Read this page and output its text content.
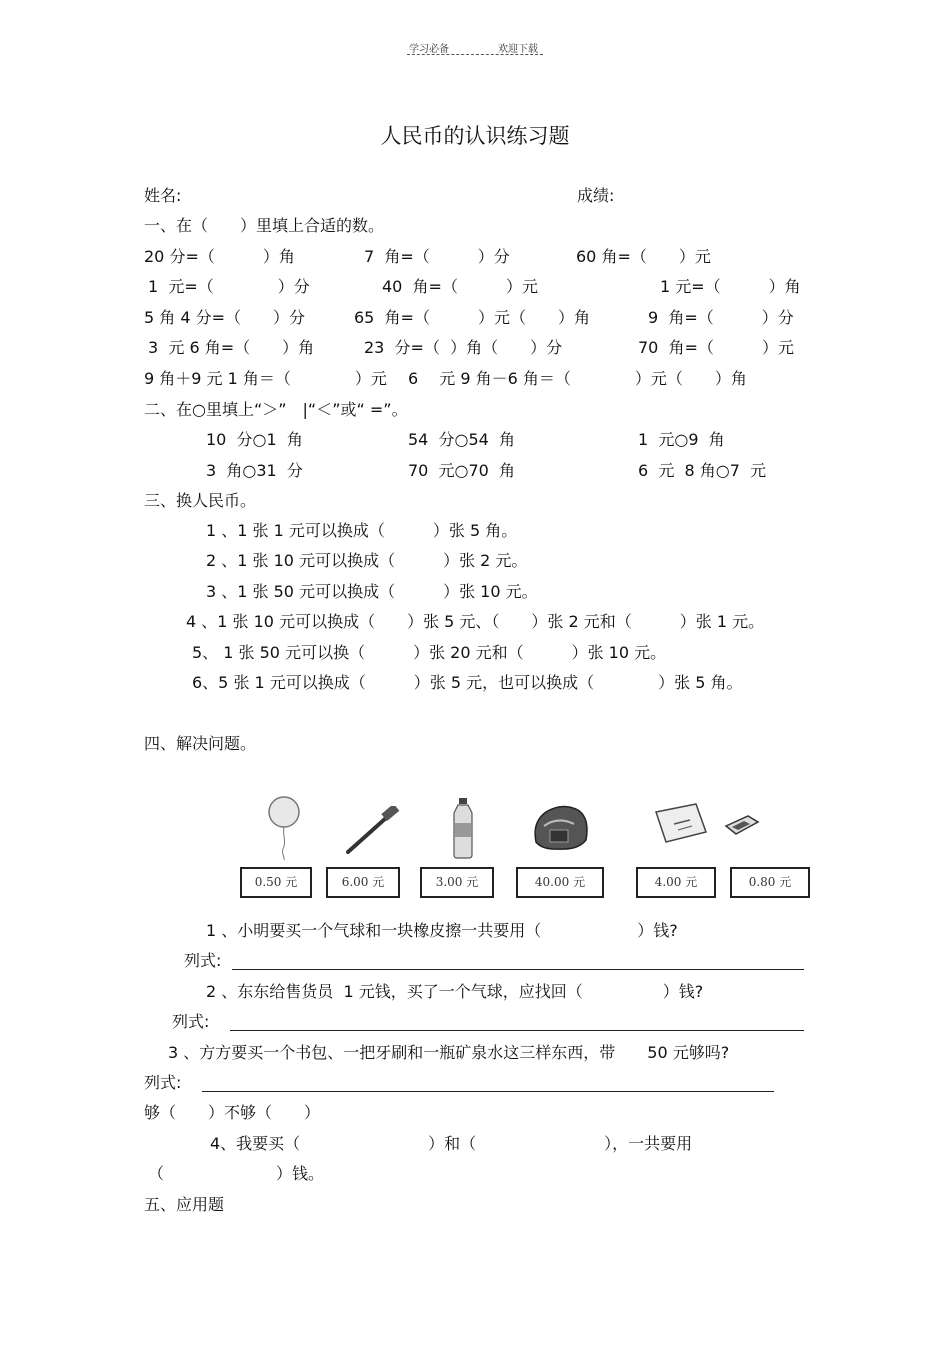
学习必备	欢迎下载
人民币的认识练习题
姓名:	成绩:
一、在（　　）里填上合适的数。
20 分=（　　　）角	7  角=（　　　）分	60 角=（　　）元
1  元=（　　　　）分	40  角=（　　　）元	1 元=（　　　）角
5 角 4 分=（　　）分	65  角=（　　　）元（　　）角	9  角=（　　　）分
3  元 6 角=（　　）角	23  分=（  ）角（　　）分	70  角=（　　　）元
9 角＋9 元 1 角＝（　　　　）元　 6　 元 9 角－6 角＝（　　　　）元（　　）角
二、在○里填上“＞”　|“＜”或“ =”。
10  分○1  角	54  分○54  角	1  元○9  角
3  角○31  分	70  元○70  角	6  元  8 角○7  元
三、换人民币。
1 、1 张 1 元可以换成（　　　）张 5 角。
2 、1 张 10 元可以换成（　　　）张 2 元。
3 、1 张 50 元可以换成（　　　）张 10 元。
4 、1 张 10 元可以换成（　　）张 5 元、（　　）张 2 元和（　　　）张 1 元。
5、 1 张 50 元可以换（　　　）张 20 元和（　　　）张 10 元。
6、5 张 1 元可以换成（　　　）张 5 元，也可以换成（　　　　）张 5 角。
四、解决问题。
0.50 元	6.00 元	3.00 元	40.00 元	4.00 元	0.80 元
1 、小明要买一个气球和一块橡皮擦一共要用（　　　　　　）钱?
列式:
2 、东东给售货员  1 元钱，买了一个气球，应找回（　　　　　）钱?
列式:
3 、方方要买一个书包、一把牙刷和一瓶矿泉水这三样东西，带　　50 元够吗?
列式:
够（　　）不够（　　）
4、我要买（　　　　　　　　）和（　　　　　　　　），一共要用
（　　　　　　　）钱。
五、应用题
